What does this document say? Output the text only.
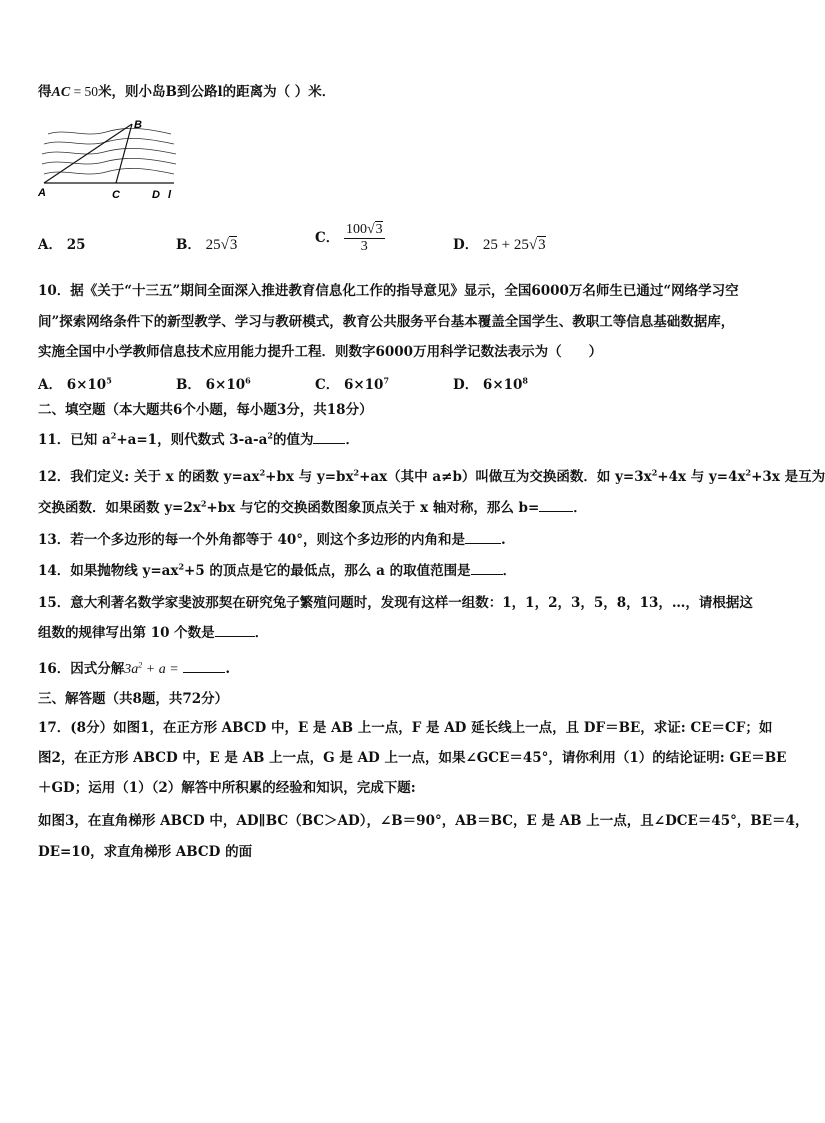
得AC = 50米，则小岛B到公路l的距离为（ ）米．
A
B
C	D l
A． 25	B． 25√3	C． $\frac{100√3}{3}$	D． 25 + 25√3
10．据《关于“十三五”期间全面深入推进教育信息化工作的指导意见》显示，全国6000万名师生已通过“网络学习空
间”探索网络条件下的新型教学、学习与教研模式，教育公共服务平台基本覆盖全国学生、教职工等信息基础数据库，
实施全国中小学教师信息技术应用能力提升工程．则数字6000万用科学记数法表示为（　　）
A． $6\times 10^5$	B． $6\times 10^6$	C． $6\times 10^7$	D． $6\times 10^8$
二、填空题（本大题共6个小题，每小题3分，共18分）
11．已知 $a^2+a=1$，则代数式 $3-a-a^2$的值为 ．
12．我们定义: 关于 x 的函数 $y=ax^2+bx$ 与 $y=bx^2+ax$（其中 a≠b）叫做互为交换函数．如 $y=3x^2+4x$ 与 $y=4x^2+3x$ 是互为
交换函数．如果函数 $y=2x^2+bx$ 与它的交换函数图象顶点关于 x 轴对称，那么 b=	．
13．若一个多边形的每一个外角都等于 40°，则这个多边形的内角和是	.
14．如果抛物线 $y=ax^2+5$ 的顶点是它的最低点，那么 a 的取值范围是 ．
15．意大利著名数学家斐波那契在研究兔子繁殖问题时，发现有这样一组数：1，1，2，3，5，8，13，…，请根据这
组数的规律写出第 10 个数是	．
16．因式分解$3a^2 + a$ =	.
三、解答题（共8题，共72分）
17．(8分）如图1，在正方形 ABCD 中，E 是 AB 上一点，F 是 AD 延长线上一点，且 DF＝BE，求证: CE＝CF；如
图2，在正方形 ABCD 中，E 是 AB 上一点，G 是 AD 上一点，如果∠GCE＝45°，请你利用（1）的结论证明: GE＝BE
＋GD；运用（1）（2）解答中所积累的经验和知识，完成下题:
如图3，在直角梯形 ABCD 中，AD∥BC（BC＞AD），∠B＝90°，AB＝BC，E 是 AB 上一点，且∠DCE＝45°，BE＝4，
DE=10，求直角梯形 ABCD 的面
